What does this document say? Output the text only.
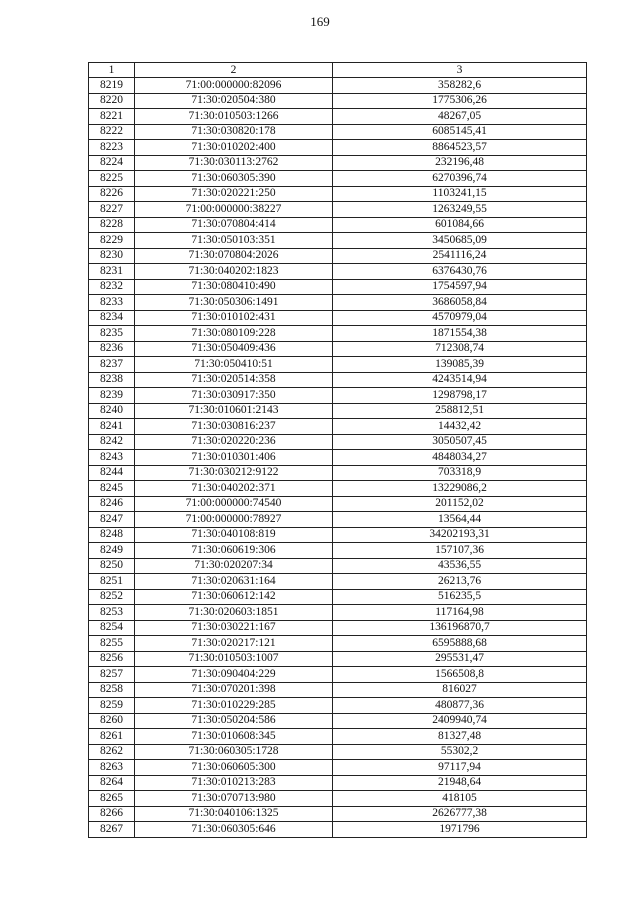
169
1	2	3
8219	71:00:000000:82096	358282,6
8220	71:30:020504:380	1775306,26
8221	71:30:010503:1266	48267,05
8222	71:30:030820:178	6085145,41
8223	71:30:010202:400	8864523,57
8224	71:30:030113:2762	232196,48
8225	71:30:060305:390	6270396,74
8226	71:30:020221:250	1103241,15
8227	71:00:000000:38227	1263249,55
8228	71:30:070804:414	601084,66
8229	71:30:050103:351	3450685,09
8230	71:30:070804:2026	2541116,24
8231	71:30:040202:1823	6376430,76
8232	71:30:080410:490	1754597,94
8233	71:30:050306:1491	3686058,84
8234	71:30:010102:431	4570979,04
8235	71:30:080109:228	1871554,38
8236	71:30:050409:436	712308,74
8237	71:30:050410:51	139085,39
8238	71:30:020514:358	4243514,94
8239	71:30:030917:350	1298798,17
8240	71:30:010601:2143	258812,51
8241	71:30:030816:237	14432,42
8242	71:30:020220:236	3050507,45
8243	71:30:010301:406	4848034,27
8244	71:30:030212:9122	703318,9
8245	71:30:040202:371	13229086,2
8246	71:00:000000:74540	201152,02
8247	71:00:000000:78927	13564,44
8248	71:30:040108:819	34202193,31
8249	71:30:060619:306	157107,36
8250	71:30:020207:34	43536,55
8251	71:30:020631:164	26213,76
8252	71:30:060612:142	516235,5
8253	71:30:020603:1851	117164,98
8254	71:30:030221:167	136196870,7
8255	71:30:020217:121	6595888,68
8256	71:30:010503:1007	295531,47
8257	71:30:090404:229	1566508,8
8258	71:30:070201:398	816027
8259	71:30:010229:285	480877,36
8260	71:30:050204:586	2409940,74
8261	71:30:010608:345	81327,48
8262	71:30:060305:1728	55302,2
8263	71:30:060605:300	97117,94
8264	71:30:010213:283	21948,64
8265	71:30:070713:980	418105
8266	71:30:040106:1325	2626777,38
8267	71:30:060305:646	1971796
